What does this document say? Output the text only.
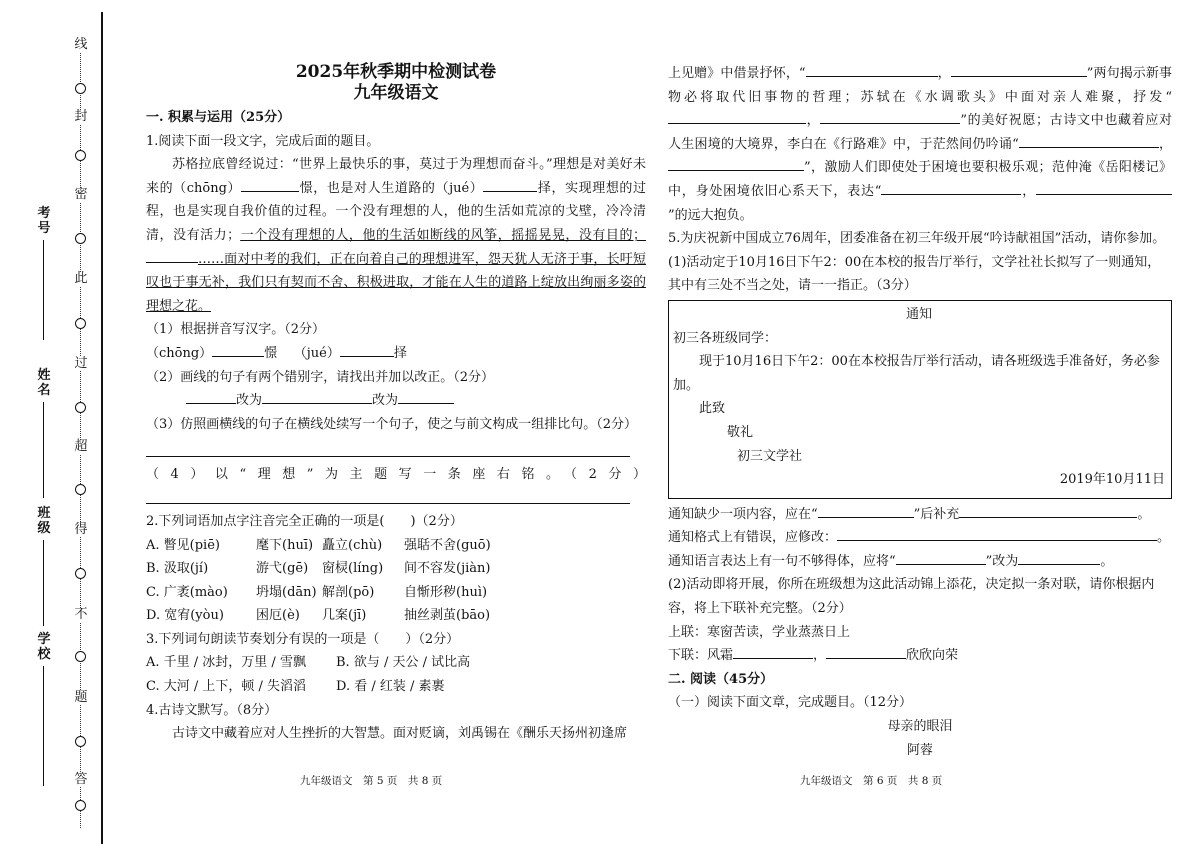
线
封
密
此
过
超
得
不
题
答
考号
姓名
班级
学校
2025年秋季期中检测试卷
九年级语文
一. 积累与运用（25分）
1.阅读下面一段文字，完成后面的题目。
苏格拉底曾经说过：“世界上最快乐的事，莫过于为理想而奋斗。”理想是对美好未来的（chōng）	憬，也是对人生道路的（jué）	择，实现理想的过程，也是实现自我价值的过程。一个没有理想的人，他的生活如荒凉的戈壁，冷冷清清，没有活力；一个没有理想的人，他的生活如断线的风筝，摇摇晃晃，没有目的；……面对中考的我们，正在向着自己的理想进军，怨天犹人无济于事，长吁短叹也于事无补，我们只有契而不舍、积极进取，才能在人生的道路上绽放出绚丽多姿的理想之花。
（1）根据拼音写汉字。（2分）
（chōng）	憬 （jué）	择
（2）画线的句子有两个错别字，请找出并加以改正。（2分）
改为	改为
（3）仿照画横线的句子在横线处续写一个句子，使之与前文构成一组排比句。（2分）
（4）以“理想”为主题写一条座右铭。（2分）
2.下列词语加点字注音完全正确的一项是(　　)（2分）
A. 瞥见(piē)	麾下(huī) 矗立(chù)	强聒不舍(guō)
B. 汲取(jí)	游弋(gē)	窗棂(líng)	间不容发(jiàn)
C. 广袤(mào)	坍塌(dān) 解剖(pō)	自惭形秽(huì)
D. 宽宥(yòu)	困厄(è)	几案(jī)	抽丝剥茧(bāo)
3.下列词句朗读节奏划分有误的一项是（　　）（2分）
A. 千里 / 冰封，万里 / 雪飘	B. 欲与 / 天公 / 试比高
C. 大河 / 上下，顿 / 失滔滔	D. 看 / 红装 / 素裹
4.古诗文默写。（8分）
古诗文中藏着应对人生挫折的大智慧。面对贬谪，刘禹锡在《酬乐天扬州初逢席
九年级语文　第 5 页　共 8 页
上见赠》中借景抒怀，“	，	”两句揭示新事物必将取代旧事物的哲理；苏轼在《水调歌头》中面对亲人难聚，抒发“，	”的美好祝愿；古诗文中也藏着应对人生困境的大境界，李白在《行路难》中，于茫然间仍吟诵“	，”，激励人们即使处于困境也要积极乐观；范仲淹《岳阳楼记》中，身处困境依旧心系天下，表达“	，”的远大抱负。
5.为庆祝新中国成立76周年，团委准备在初三年级开展“吟诗献祖国”活动，请你参加。
(1)活动定于10月16日下午2：00在本校的报告厅举行，文学社社长拟写了一则通知，其中有三处不当之处，请一一指正。（3分）
通知
初三各班级同学：
现于10月16日下午2：00在本校报告厅举行活动，请各班级选手准备好，务必参加。
此致
敬礼
初三文学社
2019年10月11日
通知缺少一项内容，应在“	”后补充	。
通知格式上有错误，应修改：	。
通知语言表达上有一句不够得体，应将“	”改为	。
(2)活动即将开展，你所在班级想为这此活动锦上添花，决定拟一条对联，请你根据内容，将上下联补充完整。（2分）
上联：寒窗苦读，学业蒸蒸日上
下联：风霜	，	欣欣向荣
二. 阅读（45分）
（一）阅读下面文章，完成题目。（12分）
母亲的眼泪
阿蓉
九年级语文　第 6 页　共 8 页
